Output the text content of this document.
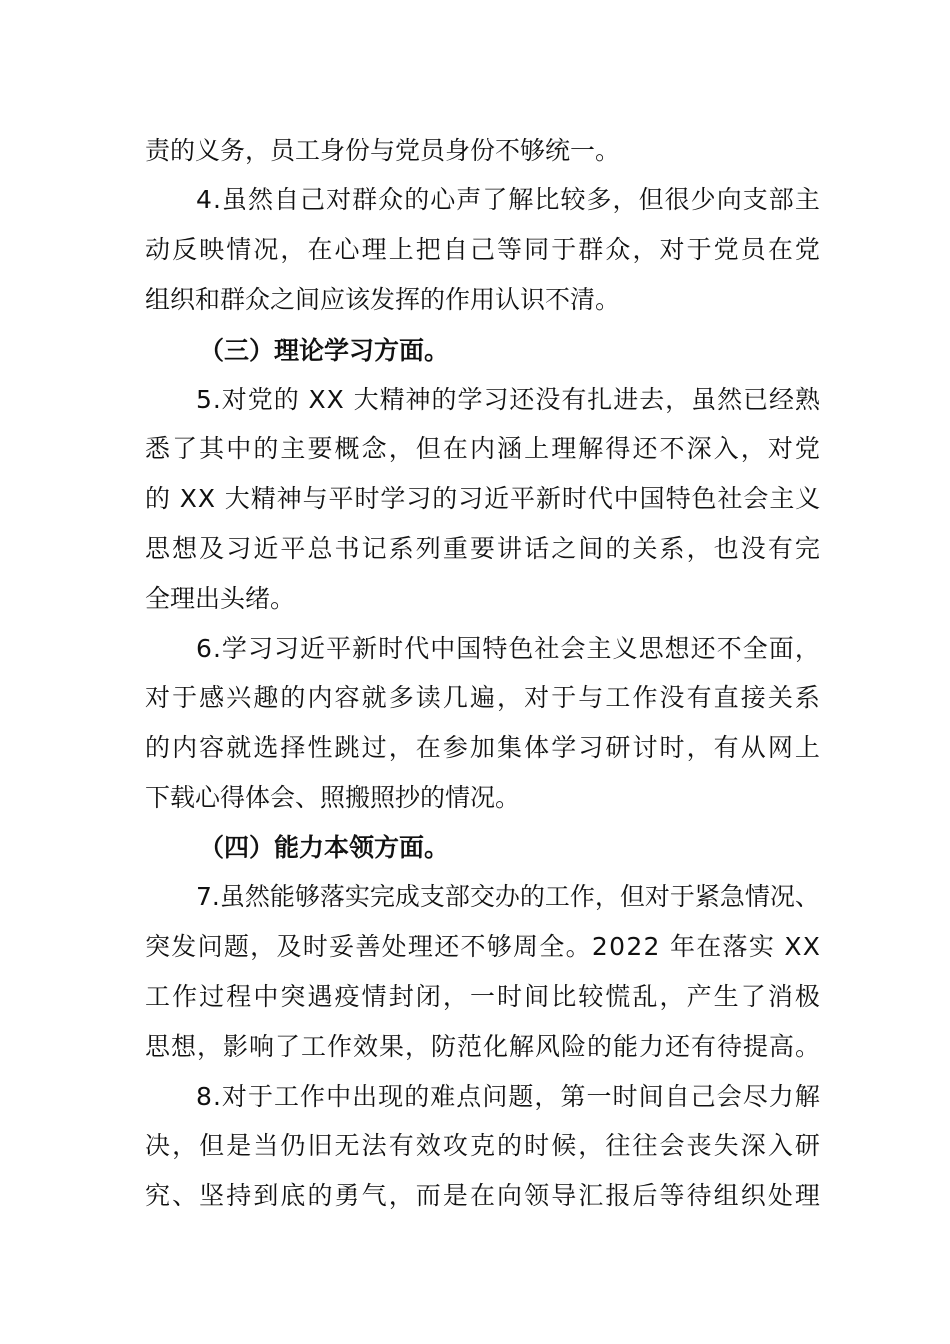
责的义务，员工身份与党员身份不够统一。
4.虽然自己对群众的心声了解比较多，但很少向支部主
动反映情况，在心理上把自己等同于群众，对于党员在党
组织和群众之间应该发挥的作用认识不清。
（三）理论学习方面。
5.对党的 XX 大精神的学习还没有扎进去，虽然已经熟
悉了其中的主要概念，但在内涵上理解得还不深入，对党
的 XX 大精神与平时学习的习近平新时代中国特色社会主义
思想及习近平总书记系列重要讲话之间的关系，也没有完
全理出头绪。
6.学习习近平新时代中国特色社会主义思想还不全面，
对于感兴趣的内容就多读几遍，对于与工作没有直接关系
的内容就选择性跳过，在参加集体学习研讨时，有从网上
下载心得体会、照搬照抄的情况。
（四）能力本领方面。
7.虽然能够落实完成支部交办的工作，但对于紧急情况、
突发问题，及时妥善处理还不够周全。2022 年在落实 XX
工作过程中突遇疫情封闭，一时间比较慌乱，产生了消极
思想，影响了工作效果，防范化解风险的能力还有待提高。
8.对于工作中出现的难点问题，第一时间自己会尽力解
决，但是当仍旧无法有效攻克的时候，往往会丧失深入研
究、坚持到底的勇气，而是在向领导汇报后等待组织处理
